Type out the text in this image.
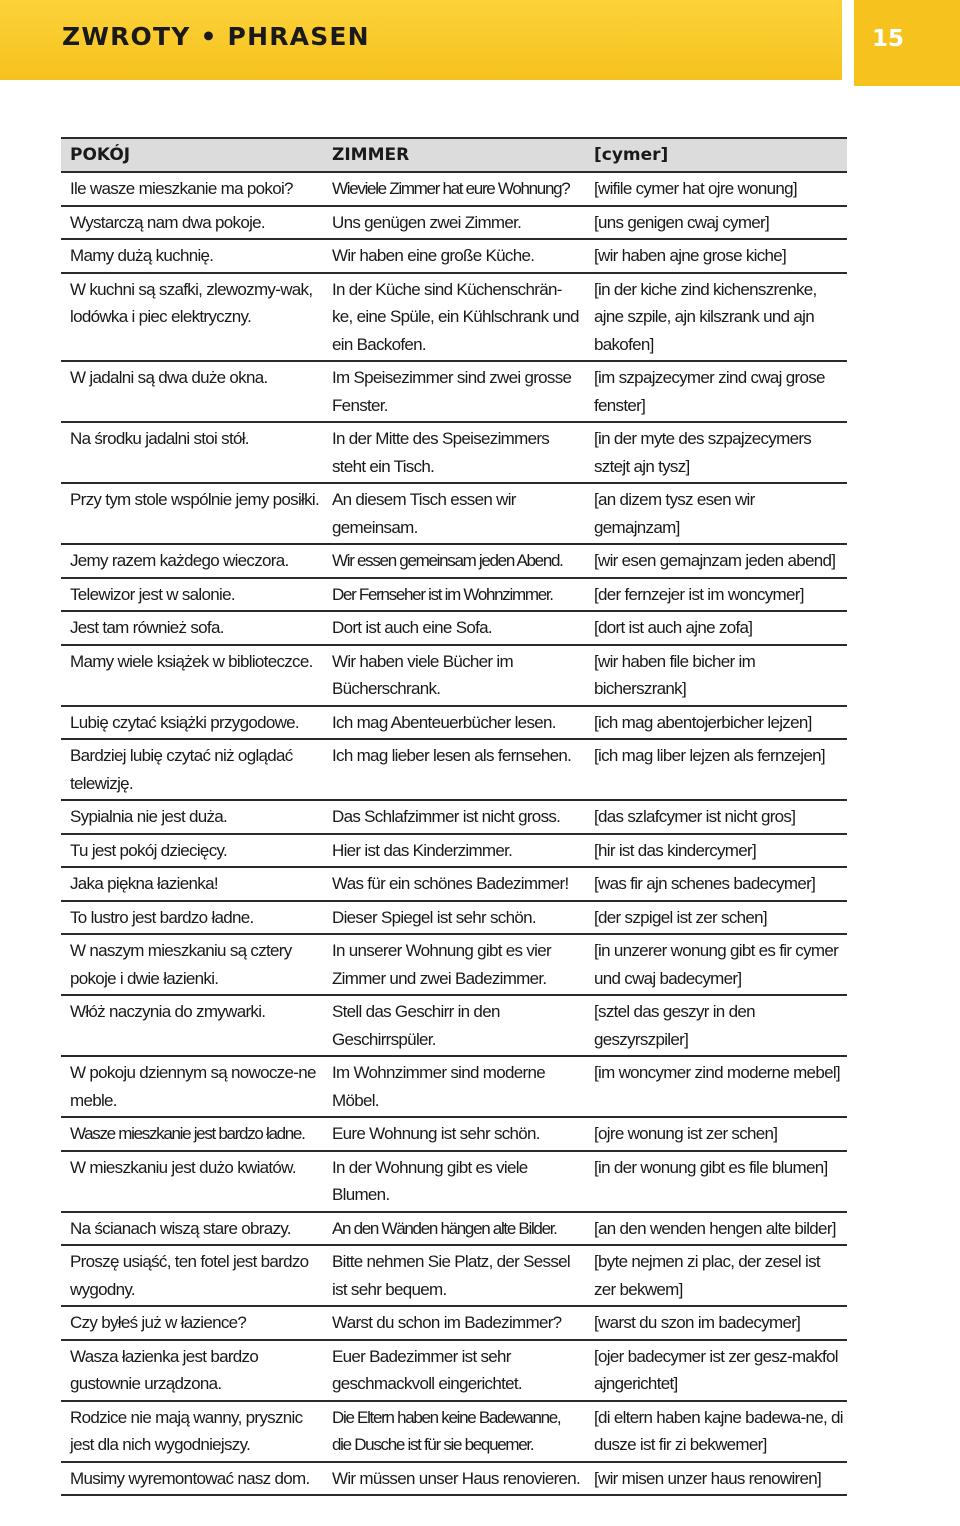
ZWROTY • PHRASEN	15
POKÓJ	ZIMMER	[cymer]
Ile wasze mieszkanie ma pokoi?	Wieviele Zimmer hat eure Wohnung?	[wifile cymer hat ojre wonung]
Wystarczą nam dwa pokoje.	Uns genügen zwei Zimmer.	[uns genigen cwaj cymer]
Mamy dużą kuchnię.	Wir haben eine große Küche.	[wir haben ajne grose kiche]
W kuchni są szafki, zlewozmy-wak, lodówka i piec elektryczny.	In der Küche sind Küchenschrän-ke, eine Spüle, ein Kühlschrank und ein Backofen.	[in der kiche zind kichenszrenke, ajne szpile, ajn kilszrank und ajn bakofen]
W jadalni są dwa duże okna.	Im Speisezimmer sind zwei grosse Fenster.	[im szpajzecymer zind cwaj grose fenster]
Na środku jadalni stoi stół.	In der Mitte des Speisezimmers steht ein Tisch.	[in der myte des szpajzecymers sztejt ajn tysz]
Przy tym stole wspólnie jemy posiłki.	An diesem Tisch essen wir gemeinsam.	[an dizem tysz esen wir gemajnzam]
Jemy razem każdego wieczora.	Wir essen gemeinsam jeden Abend.	[wir esen gemajnzam jeden abend]
Telewizor jest w salonie.	Der Fernseher ist im Wohnzimmer.	[der fernzejer ist im woncymer]
Jest tam również sofa.	Dort ist auch eine Sofa.	[dort ist auch ajne zofa]
Mamy wiele książek w biblioteczce.	Wir haben viele Bücher im Bücherschrank.	[wir haben file bicher im bicherszrank]
Lubię czytać książki przygodowe.	Ich mag Abenteuerbücher lesen.	[ich mag abentojerbicher lejzen]
Bardziej lubię czytać niż oglądać telewizję.	Ich mag lieber lesen als fernsehen.	[ich mag liber lejzen als fernzejen]
Sypialnia nie jest duża.	Das Schlafzimmer ist nicht gross.	[das szlafcymer ist nicht gros]
Tu jest pokój dziecięcy.	Hier ist das Kinderzimmer.	[hir ist das kindercymer]
Jaka piękna łazienka!	Was für ein schönes Badezimmer!	[was fir ajn schenes badecymer]
To lustro jest bardzo ładne.	Dieser Spiegel ist sehr schön.	[der szpigel ist zer schen]
W naszym mieszkaniu są cztery pokoje i dwie łazienki.	In unserer Wohnung gibt es vier Zimmer und zwei Badezimmer.	[in unzerer wonung gibt es fir cymer und cwaj badecymer]
Włóż naczynia do zmywarki.	Stell das Geschirr in den Geschirrspüler.	[sztel das geszyr in den geszyrszpiler]
W pokoju dziennym są nowocze-ne meble.	Im Wohnzimmer sind moderne Möbel.	[im woncymer zind moderne mebel]
Wasze mieszkanie jest bardzo ładne.	Eure Wohnung ist sehr schön.	[ojre wonung ist zer schen]
W mieszkaniu jest dużo kwiatów.	In der Wohnung gibt es viele Blumen.	[in der wonung gibt es file blumen]
Na ścianach wiszą stare obrazy.	An den Wänden hängen alte Bilder.	[an den wenden hengen alte bilder]
Proszę usiąść, ten fotel jest bardzo wygodny.	Bitte nehmen Sie Platz, der Sessel ist sehr bequem.	[byte nejmen zi plac, der zesel ist zer bekwem]
Czy byłeś już w łazience?	Warst du schon im Badezimmer?	[warst du szon im badecymer]
Wasza łazienka jest bardzo gustownie urządzona.	Euer Badezimmer ist sehr geschmackvoll eingerichtet.	[ojer badecymer ist zer gesz-makfol ajngerichtet]
Rodzice nie mają wanny, prysznic jest dla nich wygodniejszy.	Die Eltern haben keine Badewanne, die Dusche ist für sie bequemer.	[di eltern haben kajne badewa-ne, di dusze ist fir zi bekwemer]
Musimy wyremontować nasz dom.	Wir müssen unser Haus renovieren.	[wir misen unzer haus renowiren]
